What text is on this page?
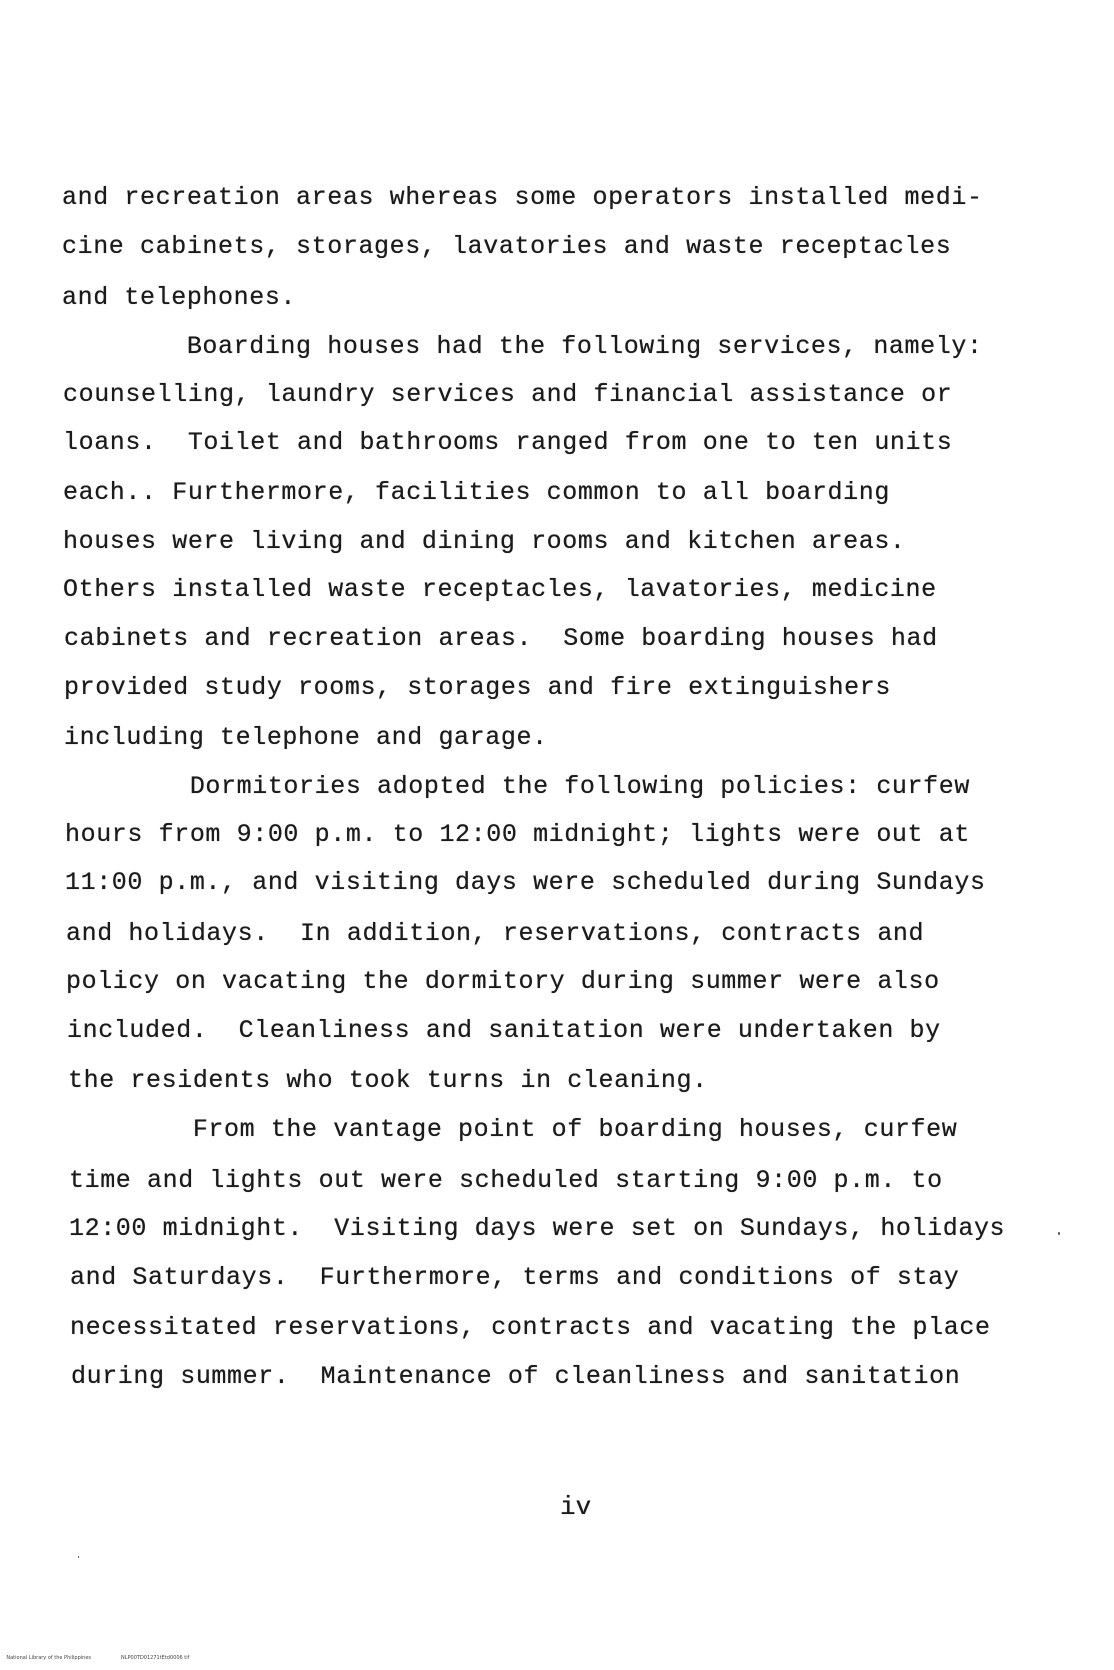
and recreation areas whereas some operators installed medi-
cine cabinets, storages, lavatories and waste receptacles
and telephones.
Boarding houses had the following services, namely:
counselling, laundry services and financial assistance or
loans.  Toilet and bathrooms ranged from one to ten units
each.. Furthermore, facilities common to all boarding
houses were living and dining rooms and kitchen areas.
Others installed waste receptacles, lavatories, medicine
cabinets and recreation areas.  Some boarding houses had
provided study rooms, storages and fire extinguishers
including telephone and garage.
Dormitories adopted the following policies: curfew
hours from 9:00 p.m. to 12:00 midnight; lights were out at
11:00 p.m., and visiting days were scheduled during Sundays
and holidays.  In addition, reservations, contracts and
policy on vacating the dormitory during summer were also
included.  Cleanliness and sanitation were undertaken by
the residents who took turns in cleaning.
From the vantage point of boarding houses, curfew
time and lights out were scheduled starting 9:00 p.m. to
12:00 midnight.  Visiting days were set on Sundays, holidays
and Saturdays.  Furthermore, terms and conditions of stay
necessitated reservations, contracts and vacating the place
during summer.  Maintenance of cleanliness and sanitation
iv

National Library of the Philippines	NLP00TD01271tEtd0006 tif
